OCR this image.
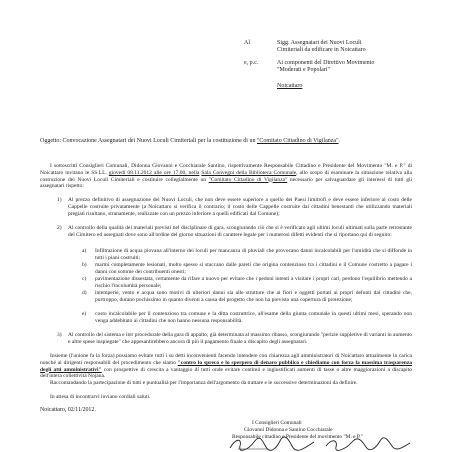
Al	Sigg. Assegnatari dei Nuovi Loculi
Cimiteriali da edificare in Noicattaro
e, p.c.	Ai componenti del Direttivo Movimento
"Moderati e Popolari"
Noicattaro
Oggetto: Convocazione Assegnatari dei Nuovi Loculi Cimiteriali per la costituzione di un "Comitato Cittadino di Vigilanza".
I sottoscritti Consiglieri Comunali, Didonna Giovanni e Cocchiarale Santino, rispettivamente Responsabile Cittadino e Presidente del Movimento "M. e P." di Noicattaro invitano le SS.LL. giovedì 08.11.2012 alle ore 17.00, nella Sala Convegni della Biblioteca Comunale, allo scopo di esaminare la situazione relativa alla costruzione dei Nuovi Loculi Cimiteriali e costituire collegialmente un "Comitato Cittadino di Vigilanza" necessario per salvaguardare gli interessi di tutti gli assegnatari rispetto:
1) Al prezzo definitivo di assegnazione dei Nuovi Loculi, che non deve essere superiore a quello dei Paesi limitrofi e deve essere inferiore al costo delle Cappelle costruite privatamente (a Noicattaro si verifica il contrario; il costo delle Cappelle costruite dai cittadini benestanti che utilizzando materiali pregiati risultano, stranamente, realizzate con un prezzo inferiore a quelli edificati dal Comune);
2) Al controllo della qualità dei materiali previsti nel disciplinare di gara, scongiurando ciò che si è verificato agli ultimi loculi ultimati sulla parte retrostante del Cimitero ed assegnati dove sono all'ordine del giorno situazioni di carattere legale per i numerosi difetti evidenti che si riportano qui di seguito:
a) Infiltrazione di acqua piovana all'interno dei loculi per mancanza di pluviali che provocano danni incalcolabili per l'umidità che si diffonde in tutti i piani costruiti;
b) marmi completamente lesionati, molto spesso si staccano dalle pareti che origina contenzioso tra i cittadini e il Comune costretto a pagare i danni con somme dei contribuenti onesti;
c) pavimentazione dissestata, certamente da rifare a nuovo per evitare che i pedoni intenti a visitare i propri cari, perdono l'equilibrio mettendo a rischio l'incolumità personale;
d) intemperie, vento e acqua sono motivi di ulteriori danni sia alle strutture che ai fiori e oggetti portati ai propri defunti dai cittadini che, purtroppo, durano pochissimo in quanto diventi a causa del progetto che non ha previsto una copertura di protezione;
e) costo incalcolabile per il contenzioso tra comune e la ditta costruttrice, all'esame della giunta comunale in questi ultimi mesi, sperando non venga addebitato ai cittadini che non hanno nessuna responsabilità.
3) Al controllo del sistema e iter procedurale della gara di appalto, già determinata al massimo ribasso, scongiurando "perizie suppletive di varianti in aumento e altre spese inspiegate" che appesantirebbero ancora di più il pagamento finale a discapito degli assegnatari.
Insieme (l'unione fa la forza) possiamo evitare tutti i su detti inconvenienti facendo intendere con chiarezza agli amministratori di Noicattaro attualmente in carica nonché ai dirigenti responsabili del procedimento che siamo "contro lo spreco e lo sperpero di denaro pubblico e chiediamo con forza la massima trasparenza degli atti amministrativi" con prospettive di crescita a vantaggio di tutti onde evitare continui e ingiustificati aumenti di tasse o altre maggiorazioni a discapito dell'intera collettività Nojana.
Raccomandando la partecipazione di tutti e puntualità per l'importanza dell'argomento da trattare e le successive determinazioni da definire.
In attesa di incontrarvi inviano cordiali saluti.
Noicattaro, 02/11/2012.
I Consiglieri Comunali
Giovanni Didonna e Santino Cocchiarale
Responsabile cittadino e Presidente del movimento "M. e P."
